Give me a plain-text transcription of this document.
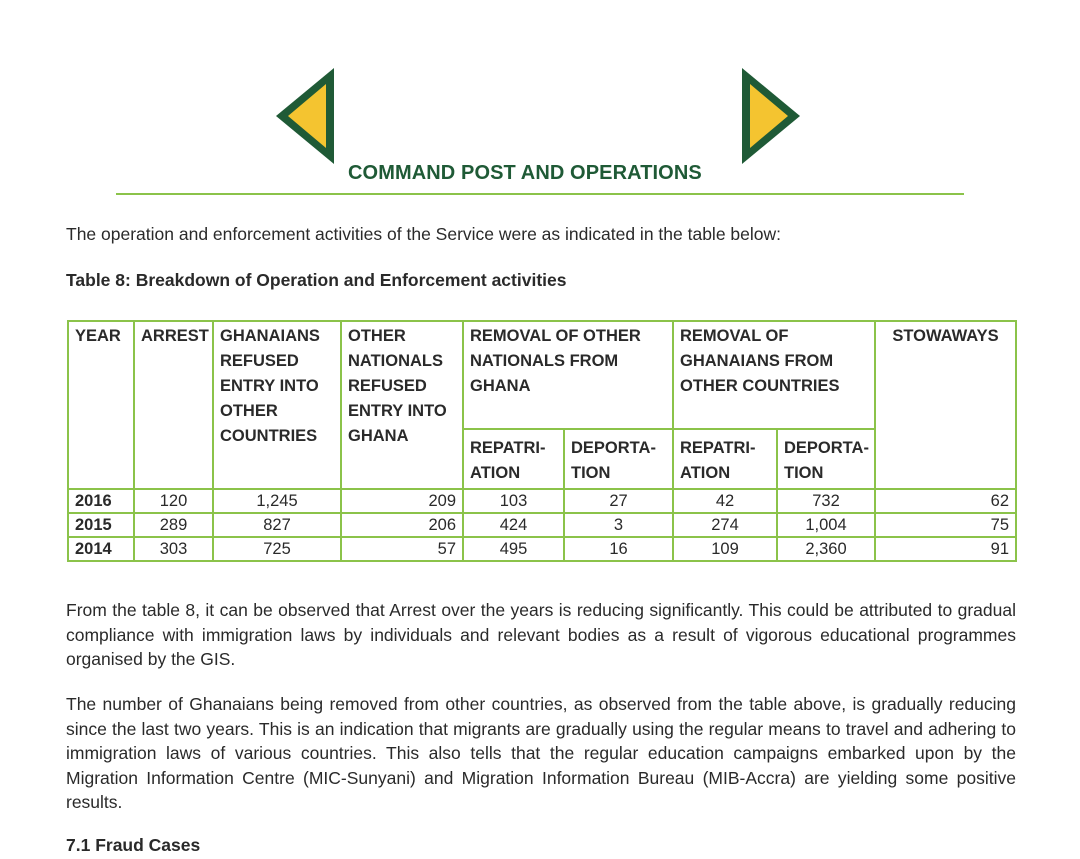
COMMAND POST AND OPERATIONS
The operation and enforcement activities of the Service were as indicated in the table below:
Table 8: Breakdown of Operation and Enforcement activities
YEAR	ARREST	GHANAIANS REFUSED ENTRY INTO OTHER COUNTRIES	OTHER NATIONALS REFUSED ENTRY INTO GHANA	REMOVAL OF OTHER NATIONALS FROM GHANA		REMOVAL OF GHANAIANS FROM OTHER COUNTRIES		STOWAWAYS
				REPATRI- ATION	DEPORTA- TION	REPATRI- ATION	DEPORTA- TION	
2016	120	1,245	209	103	27	42	732	62
2015	289	827	206	424	3	274	1,004	75
2014	303	725	57	495	16	109	2,360	91
From the table 8, it can be observed that Arrest over the years is reducing significantly. This could be attributed to gradual compliance with immigration laws by individuals and relevant bodies as a result of vigorous educational programmes organised by the GIS.
The number of Ghanaians being removed from other countries, as observed from the table above, is gradually reducing since the last two years. This is an indication that migrants are gradually using the regular means to travel and adhering to immigration laws of various countries. This also tells that the regular education campaigns embarked upon by the Migration Information Centre (MIC-Sunyani) and Migration Information Bureau (MIB-Accra) are yielding some positive results.
7.1 Fraud Cases
